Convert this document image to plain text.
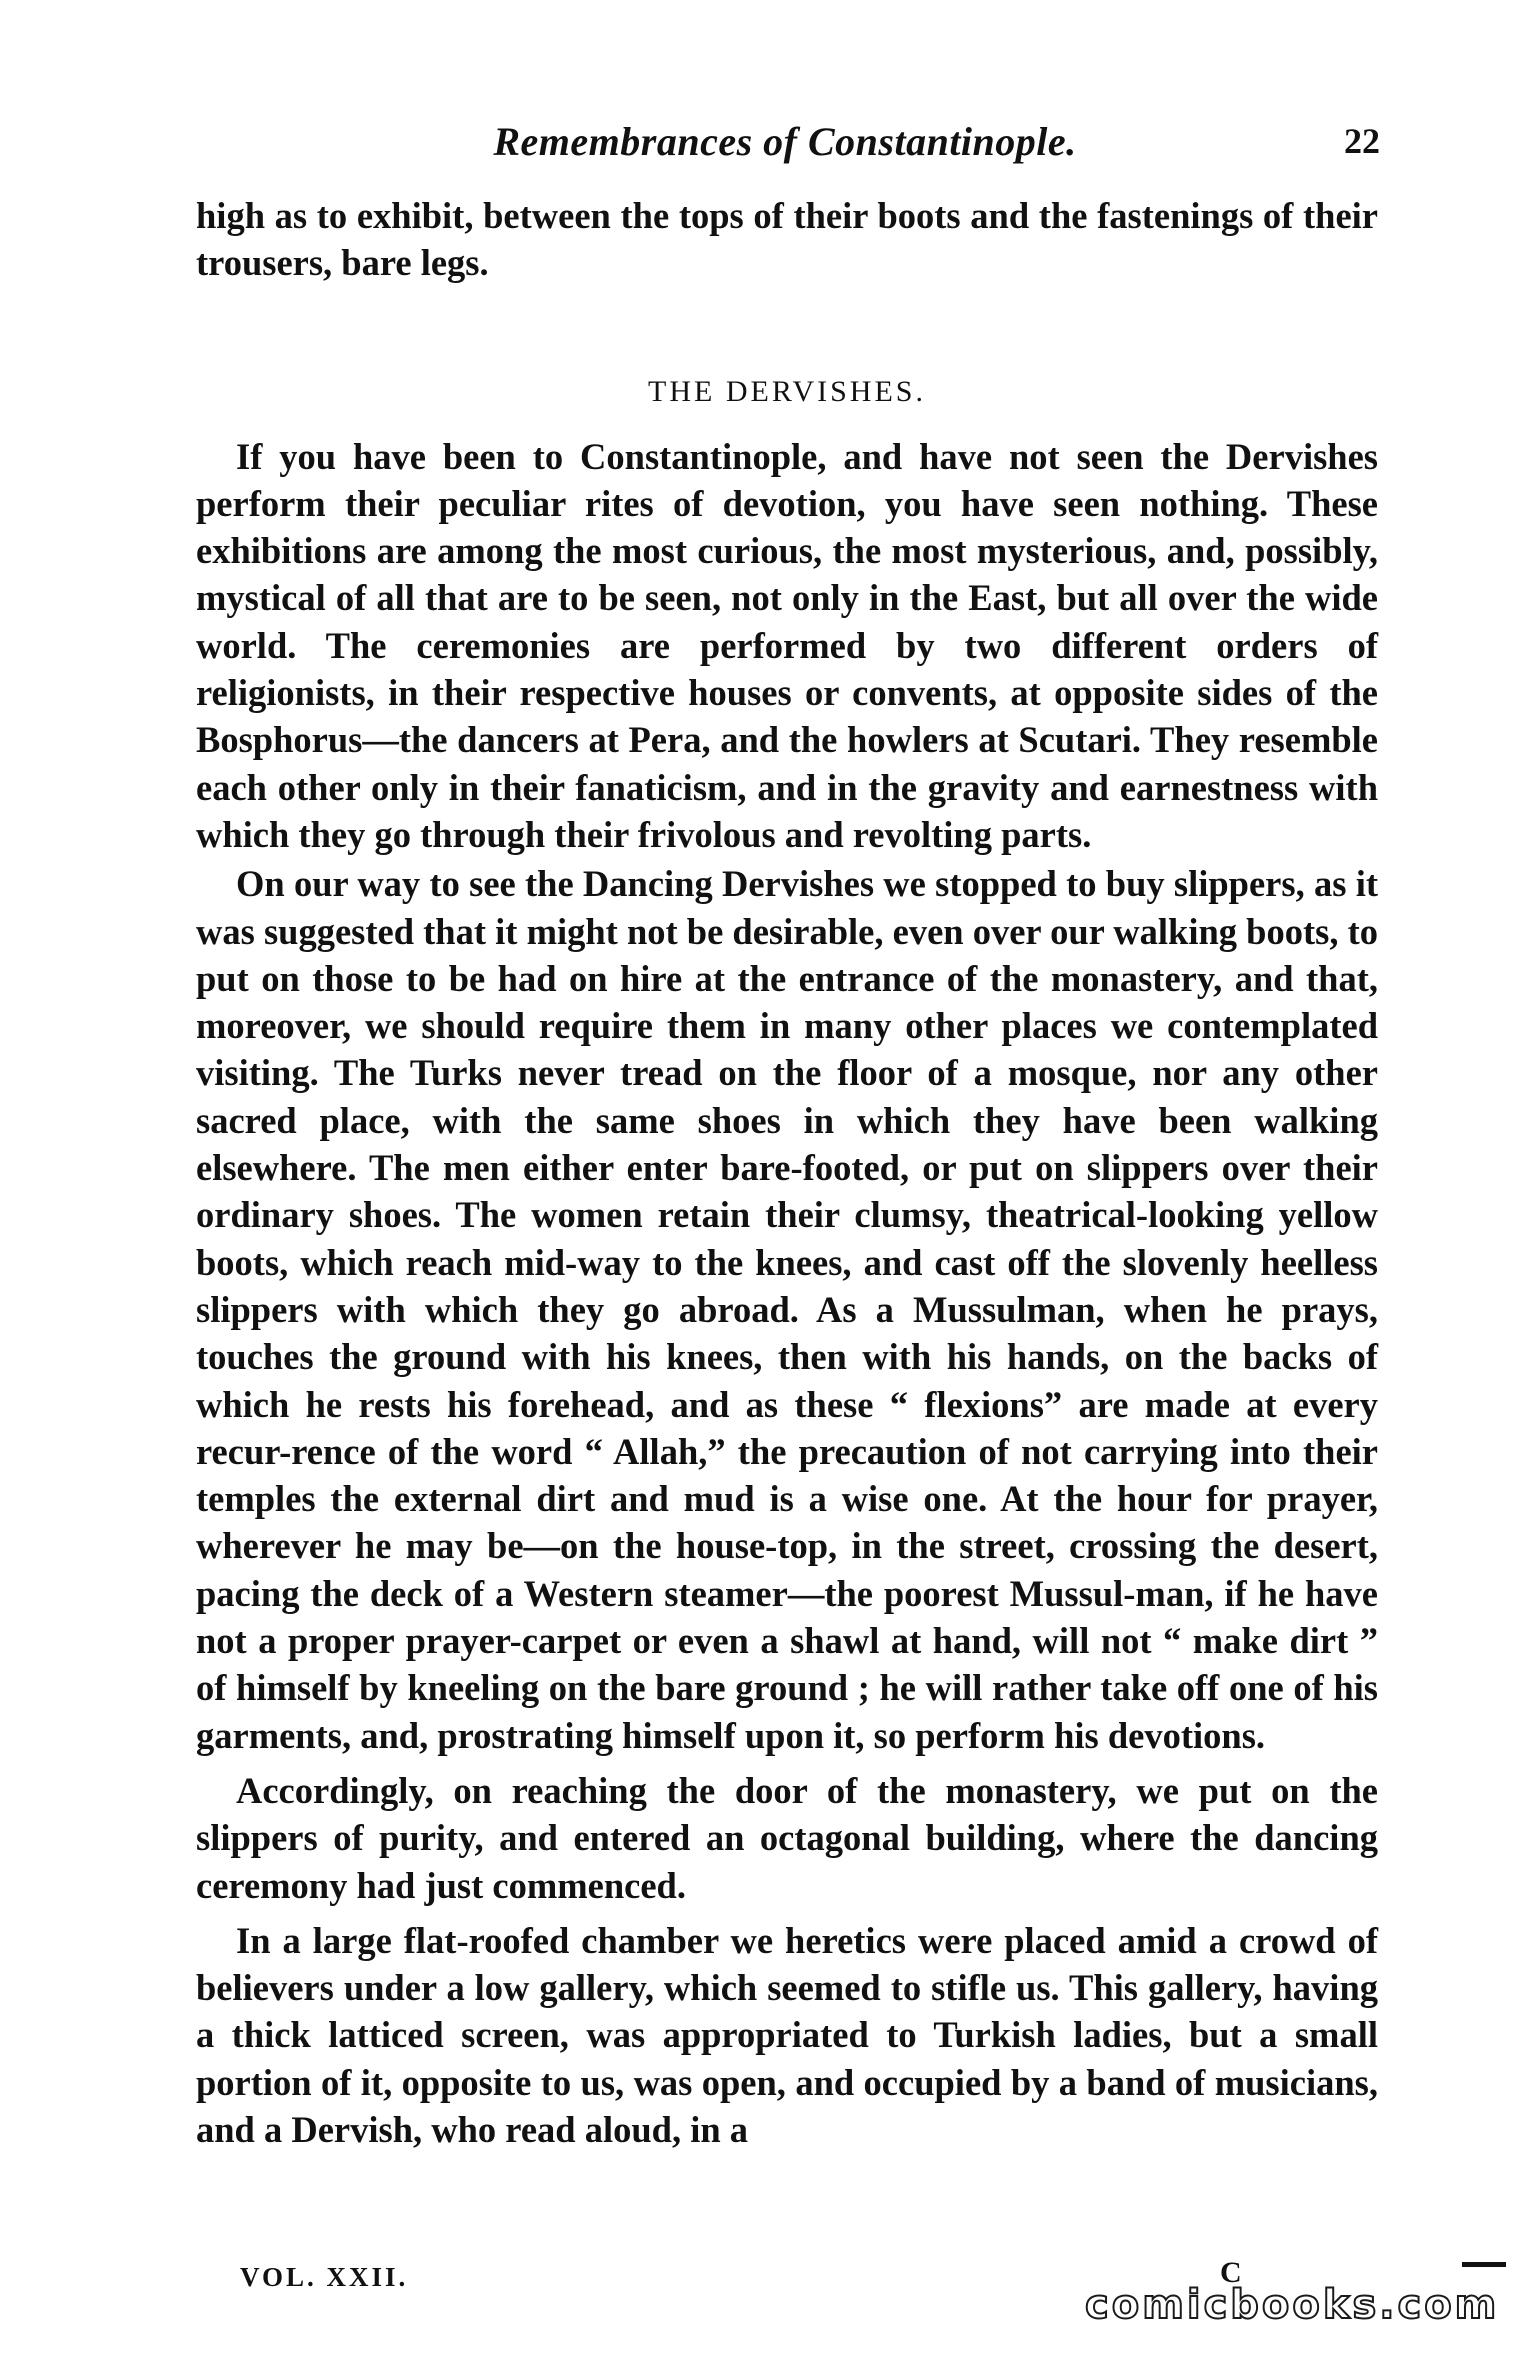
Remembrances of Constantinople.	22

high as to exhibit, between the tops of their boots and the fastenings of their trousers, bare legs.

THE DERVISHES.

If you have been to Constantinople, and have not seen the Dervishes perform their peculiar rites of devotion, you have seen nothing. These exhibitions are among the most curious, the most mysterious, and, possibly, mystical of all that are to be seen, not only in the East, but all over the wide world. The ceremonies are performed by two different orders of religionists, in their respective houses or convents, at opposite sides of the Bosphorus—the dancers at Pera, and the howlers at Scutari. They resemble each other only in their fanaticism, and in the gravity and earnestness with which they go through their frivolous and revolting parts.

On our way to see the Dancing Dervishes we stopped to buy slippers, as it was suggested that it might not be desirable, even over our walking boots, to put on those to be had on hire at the entrance of the monastery, and that, moreover, we should require them in many other places we contemplated visiting. The Turks never tread on the floor of a mosque, nor any other sacred place, with the same shoes in which they have been walking elsewhere. The men either enter bare-footed, or put on slippers over their ordinary shoes. The women retain their clumsy, theatrical-looking yellow boots, which reach mid-way to the knees, and cast off the slovenly heelless slippers with which they go abroad. As a Mussulman, when he prays, touches the ground with his knees, then with his hands, on the backs of which he rests his forehead, and as these “ flexions” are made at every recur-rence of the word “ Allah,” the precaution of not carrying into their temples the external dirt and mud is a wise one. At the hour for prayer, wherever he may be—on the house-top, in the street, crossing the desert, pacing the deck of a Western steamer—the poorest Mussul-man, if he have not a proper prayer-carpet or even a shawl at hand, will not “ make dirt ” of himself by kneeling on the bare ground ; he will rather take off one of his garments, and, prostrating himself upon it, so perform his devotions.

Accordingly, on reaching the door of the monastery, we put on the slippers of purity, and entered an octagonal building, where the dancing ceremony had just commenced.

In a large flat-roofed chamber we heretics were placed amid a crowd of believers under a low gallery, which seemed to stifle us. This gallery, having a thick latticed screen, was appropriated to Turkish ladies, but a small portion of it, opposite to us, was open, and occupied by a band of musicians, and a Dervish, who read aloud, in a

VOL. XXII.	C
comicbooks.com
